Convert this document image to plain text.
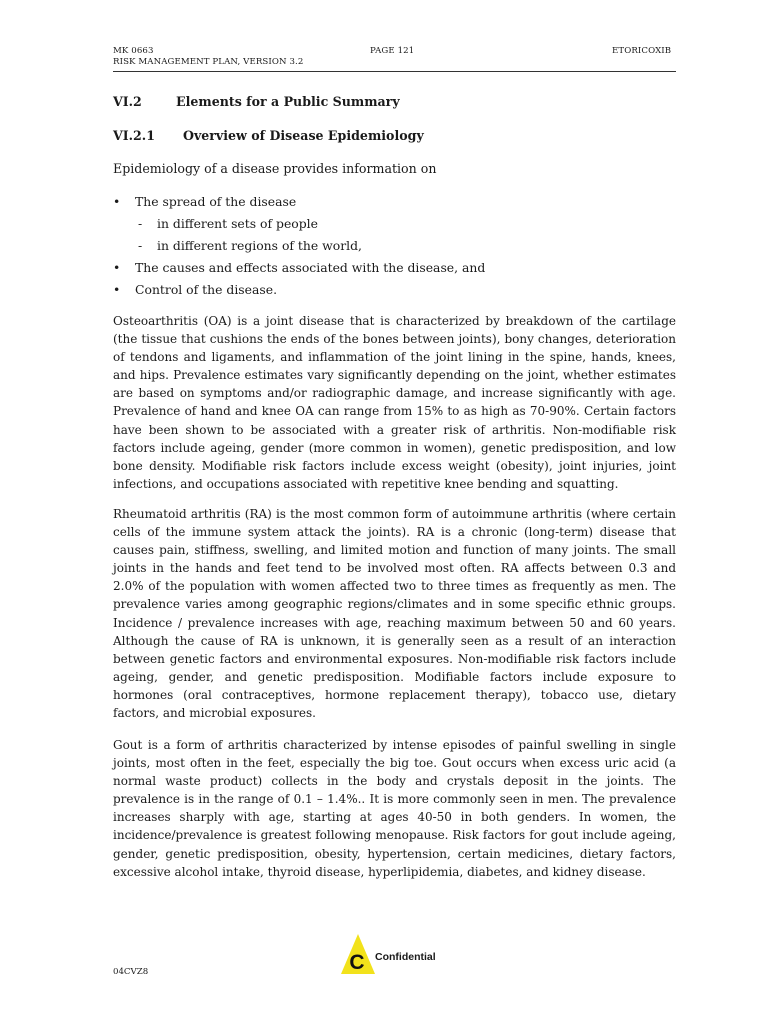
MK 0663
RISK MANAGEMENT PLAN, VERSION 3.2
PAGE 121	ETORICOXIB
VI.2	Elements for a Public Summary
VI.2.1 Overview of Disease Epidemiology
Epidemiology of a disease provides information on
• The spread of the disease
- in different sets of people
- in different regions of the world,
• The causes and effects associated with the disease, and
• Control of the disease.

Osteoarthritis (OA) is a joint disease that is characterized by breakdown of the cartilage (the tissue that cushions the ends of the bones between joints), bony changes, deterioration of tendons and ligaments, and inflammation of the joint lining in the spine, hands, knees, and hips. Prevalence estimates vary significantly depending on the joint, whether estimates are based on symptoms and/or radiographic damage, and increase significantly with age. Prevalence of hand and knee OA can range from 15% to as high as 70-90%. Certain factors have been shown to be associated with a greater risk of arthritis. Non-modifiable risk factors include ageing, gender (more common in women), genetic predisposition, and low bone density. Modifiable risk factors include excess weight (obesity), joint injuries, joint infections, and occupations associated with repetitive knee bending and squatting.

Rheumatoid arthritis (RA) is the most common form of autoimmune arthritis (where certain cells of the immune system attack the joints). RA is a chronic (long-term) disease that causes pain, stiffness, swelling, and limited motion and function of many joints. The small joints in the hands and feet tend to be involved most often. RA affects between 0.3 and 2.0% of the population with women affected two to three times as frequently as men. The prevalence varies among geographic regions/climates and in some specific ethnic groups. Incidence / prevalence increases with age, reaching maximum between 50 and 60 years. Although the cause of RA is unknown, it is generally seen as a result of an interaction between genetic factors and environmental exposures. Non-modifiable risk factors include ageing, gender, and genetic predisposition. Modifiable factors include exposure to hormones (oral contraceptives, hormone replacement therapy), tobacco use, dietary factors, and microbial exposures.

Gout is a form of arthritis characterized by intense episodes of painful swelling in single joints, most often in the feet, especially the big toe. Gout occurs when excess uric acid (a normal waste product) collects in the body and crystals deposit in the joints. The prevalence is in the range of 0.1 – 1.4%.. It is more commonly seen in men. The prevalence increases sharply with age, starting at ages 40-50 in both genders. In women, the incidence/prevalence is greatest following menopause. Risk factors for gout include ageing, gender, genetic predisposition, obesity, hypertension, certain medicines, dietary factors, excessive alcohol intake, thyroid disease, hyperlipidemia, diabetes, and kidney disease.

C Confidential
04CVZ8
